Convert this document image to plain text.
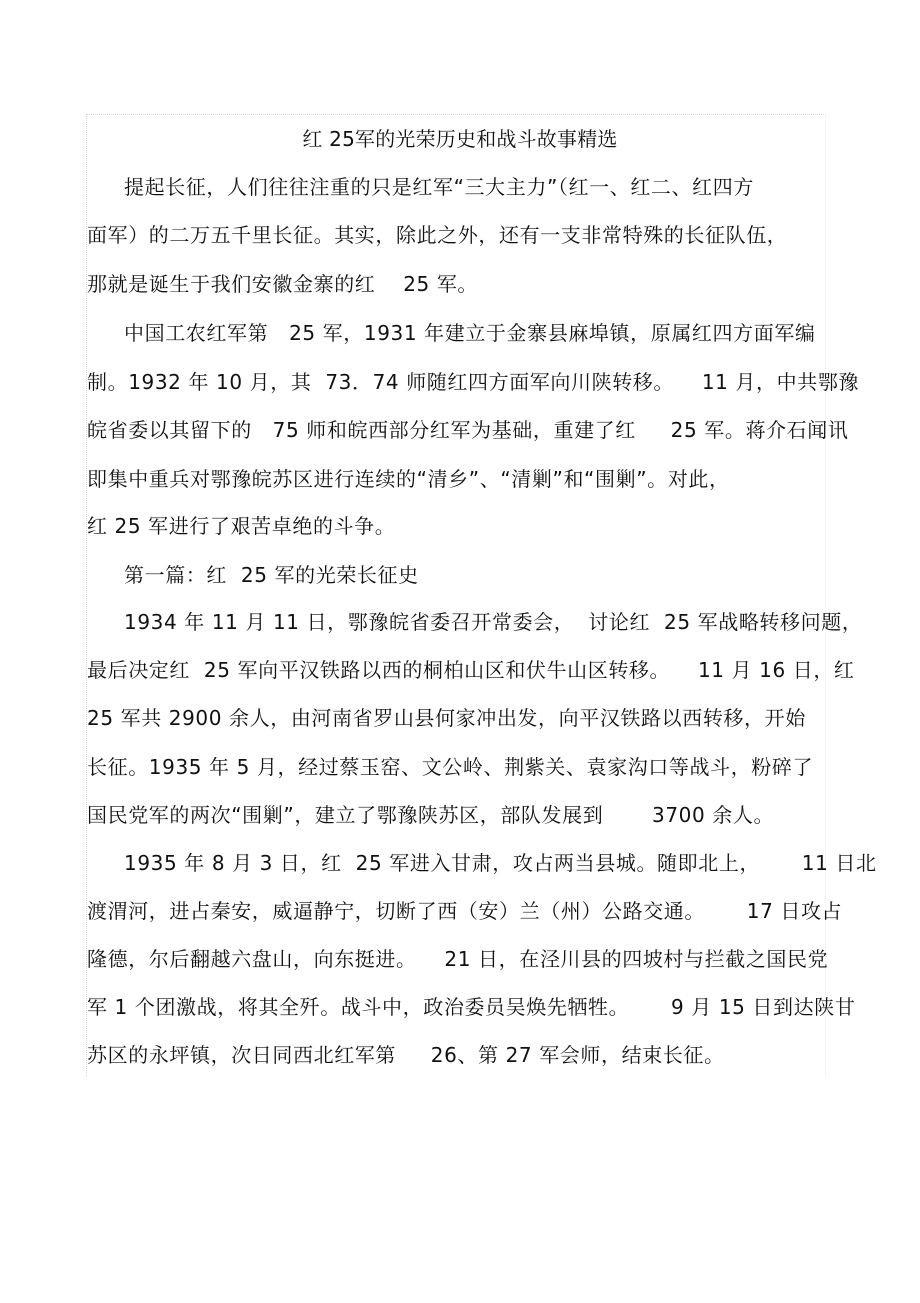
红 25军的光荣历史和战斗故事精选
提起长征，人们往往注重的只是红军“三大主力”（红一、红二、红四方
面军）的二万五千里长征。其实，除此之外，还有一支非常特殊的长征队伍，
那就是诞生于我们安徽金寨的红    25 军。
中国工农红军第   25 军，1931 年建立于金寨县麻埠镇，原属红四方面军编
制。1932 年 10 月，其  73．74 师随红四方面军向川陕转移。    11 月，中共鄂豫
皖省委以其留下的   75 师和皖西部分红军为基础，重建了红     25 军。蒋介石闻讯
即集中重兵对鄂豫皖苏区进行连续的“清乡”、“清剿”和“围剿”。对此，
红 25 军进行了艰苦卓绝的斗争。
第一篇：红  25 军的光荣长征史
1934 年 11 月 11 日，鄂豫皖省委召开常委会，  讨论红  25 军战略转移问题，
最后决定红  25 军向平汉铁路以西的桐柏山区和伏牛山区转移。    11 月 16 日，红
25 军共 2900 余人，由河南省罗山县何家冲出发，向平汉铁路以西转移，开始
长征。1935 年 5 月，经过蔡玉窑、文公岭、荆紫关、袁家沟口等战斗，粉碎了
国民党军的两次“围剿”，建立了鄂豫陕苏区，部队发展到       3700 余人。
1935 年 8 月 3 日，红  25 军进入甘肃，攻占两当县城。随即北上，      11 日北
渡渭河，进占秦安，威逼静宁，切断了西（安）兰（州）公路交通。      17 日攻占
隆德，尔后翻越六盘山，向东挺进。    21 日，在泾川县的四坡村与拦截之国民党
军 1 个团激战，将其全歼。战斗中，政治委员吴焕先牺牲。      9 月 15 日到达陕甘
苏区的永坪镇，次日同西北红军第     26、第 27 军会师，结束长征。
